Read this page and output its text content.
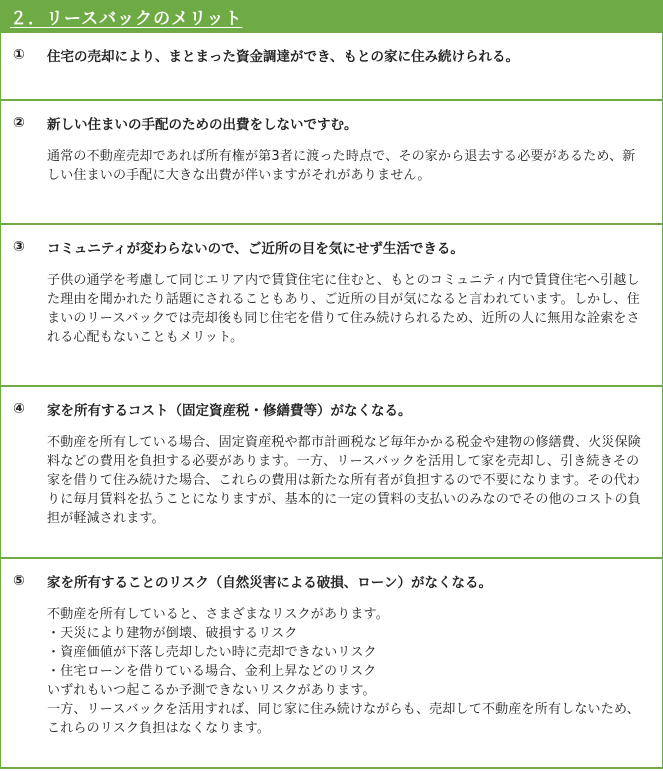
２．リースバックのメリット
①	住宅の売却により、まとまった資金調達ができ、もとの家に住み続けられる。
②	新しい住まいの手配のための出費をしないですむ。

通常の不動産売却であれば所有権が第3者に渡った時点で、その家から退去する必要があるため、新しい住まいの手配に大きな出費が伴いますがそれがありません。

③	コミュニティが変わらないので、ご近所の目を気にせず生活できる。

子供の通学を考慮して同じエリア内で賃貸住宅に住むと、もとのコミュニティ内で賃貸住宅へ引越した理由を聞かれたり話題にされることもあり、ご近所の目が気になると言われています。しかし、住まいのリースバックでは売却後も同じ住宅を借りて住み続けられるため、近所の人に無用な詮索をされる心配もないこともメリット。

④	家を所有するコスト（固定資産税・修繕費等）がなくなる。

不動産を所有している場合、固定資産税や都市計画税など毎年かかる税金や建物の修繕費、火災保険料などの費用を負担する必要があります。一方、リースバックを活用して家を売却し、引き続きその家を借りて住み続けた場合、これらの費用は新たな所有者が負担するので不要になります。その代わりに毎月賃料を払うことになりますが、基本的に一定の賃料の支払いのみなのでその他のコストの負担が軽減されます。

⑤	家を所有することのリスク（自然災害による破損、ローン）がなくなる。

不動産を所有していると、さまざまなリスクがあります。

・ 天災により建物が倒壊、破損するリスク
・ 資産価値が下落し売却したい時に売却できないリスク
・ 住宅ローンを借りている場合、金利上昇などのリスク

いずれもいつ起こるか予測できないリスクがあります。

一方、リースバックを活用すれば、同じ家に住み続けながらも、売却して不動産を所有しないため、これらのリスク負担はなくなります。
